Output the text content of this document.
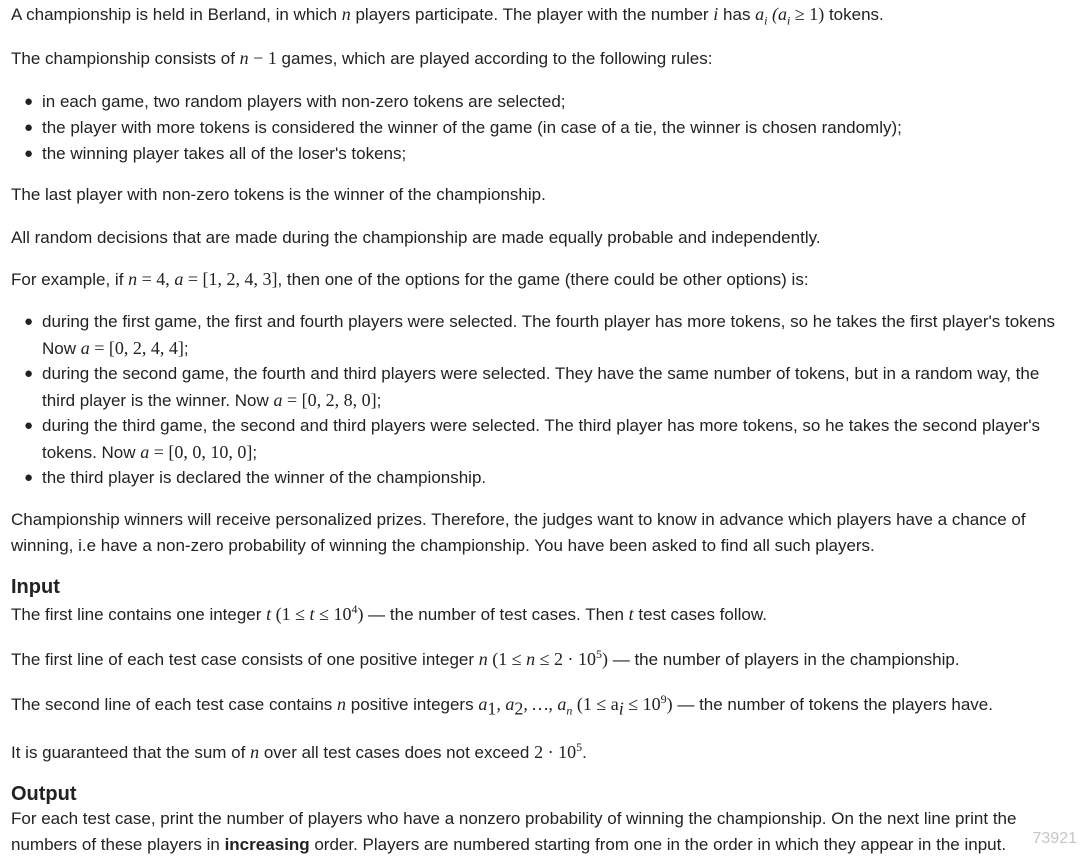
A championship is held in Berland, in which n players participate. The player with the number i has $a_i$ $(a_i \ge 1)$ tokens.
The championship consists of n − 1 games, which are played according to the following rules:
● in each game, two random players with non-zero tokens are selected;
● the player with more tokens is considered the winner of the game (in case of a tie, the winner is chosen randomly);
● the winning player takes all of the loser's tokens;
The last player with non-zero tokens is the winner of the championship.
All random decisions that are made during the championship are made equally probable and independently.
For example, if n = 4, a = [1, 2, 4, 3], then one of the options for the game (there could be other options) is:
● during the first game, the first and fourth players were selected. The fourth player has more tokens, so he takes the first player's tokens
Now a = [0, 2, 4, 4];
● during the second game, the fourth and third players were selected. They have the same number of tokens, but in a random way, the
third player is the winner. Now a = [0, 2, 8, 0];
● during the third game, the second and third players were selected. The third player has more tokens, so he takes the second player's
tokens. Now a = [0, 0, 10, 0];
● the third player is declared the winner of the championship.
Championship winners will receive personalized prizes. Therefore, the judges want to know in advance which players have a chance of
winning, i.e have a non-zero probability of winning the championship. You have been asked to find all such players.
Input
The first line contains one integer t $(1 \le t \le 10^4)$ — the number of test cases. Then t test cases follow.
The first line of each test case consists of one positive integer n $(1 \le n \le 2 \cdot 10^5)$ — the number of players in the championship.
The second line of each test case contains n positive integers $a_1$, $a_2$, …, $a_n$ $(1 \le a_i \le 10^9)$ — the number of tokens the players have.
It is guaranteed that the sum of n over all test cases does not exceed $2 \cdot 10^5$.
Output
For each test case, print the number of players who have a nonzero probability of winning the championship. On the next line print the
numbers of these players in increasing order. Players are numbered starting from one in the order in which they appear in the input.	73921
